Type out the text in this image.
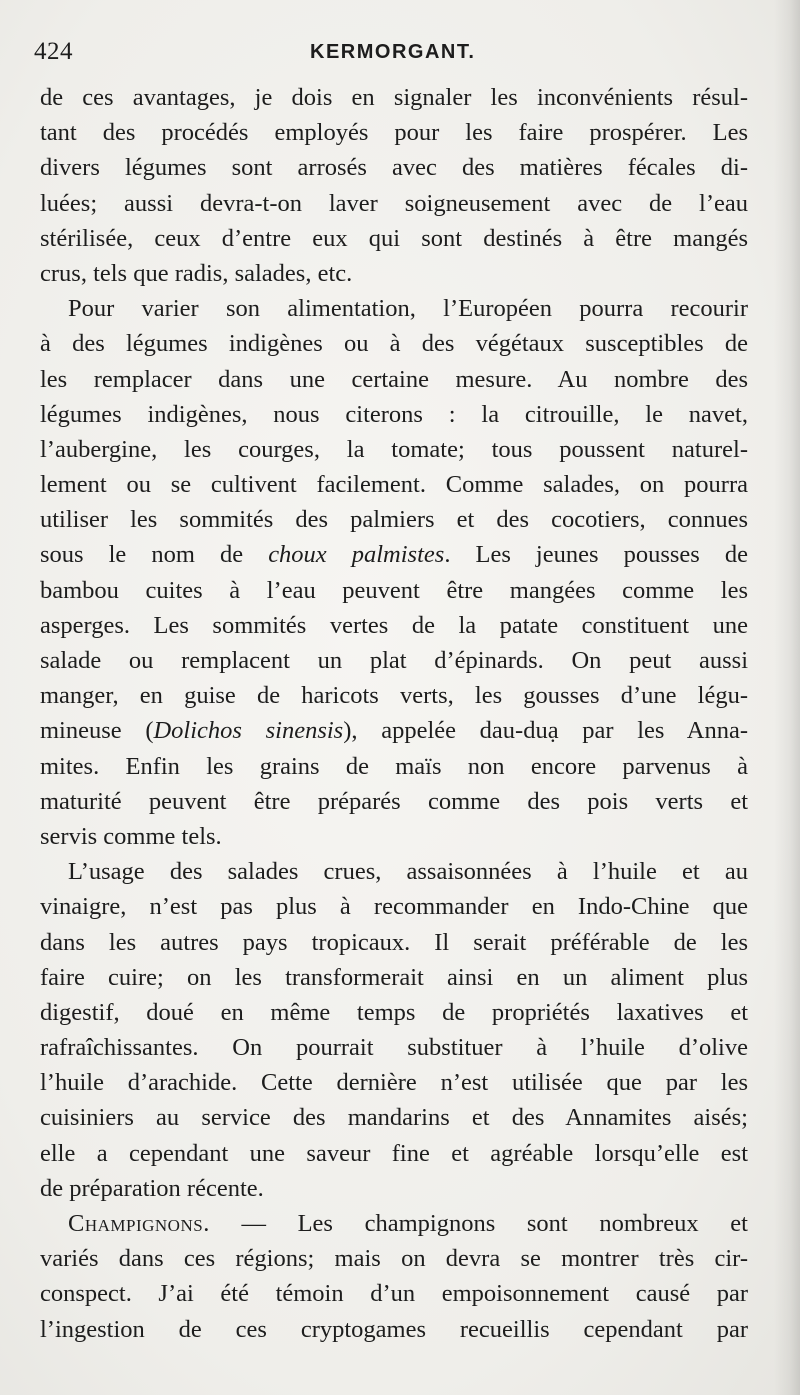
424	KERMORGANT.
de ces avantages, je dois en signaler les inconvénients résul-
tant des procédés employés pour les faire prospérer. Les
divers légumes sont arrosés avec des matières fécales di-
luées; aussi devra-t-on laver soigneusement avec de l’eau
stérilisée, ceux d’entre eux qui sont destinés à être mangés
crus, tels que radis, salades, etc.
Pour varier son alimentation, l’Européen pourra recourir
à des légumes indigènes ou à des végétaux susceptibles de
les remplacer dans une certaine mesure. Au nombre des
légumes indigènes, nous citerons : la citrouille, le navet,
l’aubergine, les courges, la tomate; tous poussent naturel-
lement ou se cultivent facilement. Comme salades, on pourra
utiliser les sommités des palmiers et des cocotiers, connues
sous le nom de choux palmistes. Les jeunes pousses de
bambou cuites à l’eau peuvent être mangées comme les
asperges. Les sommités vertes de la patate constituent une
salade ou remplacent un plat d’épinards. On peut aussi
manger, en guise de haricots verts, les gousses d’une légu-
mineuse (Dolichos sinensis), appelée dau-duạ par les Anna-
mites. Enfin les grains de maïs non encore parvenus à
maturité peuvent être préparés comme des pois verts et
servis comme tels.
L’usage des salades crues, assaisonnées à l’huile et au
vinaigre, n’est pas plus à recommander en Indo-Chine que
dans les autres pays tropicaux. Il serait préférable de les
faire cuire; on les transformerait ainsi en un aliment plus
digestif, doué en même temps de propriétés laxatives et
rafraîchissantes. On pourrait substituer à l’huile d’olive
l’huile d’arachide. Cette dernière n’est utilisée que par les
cuisiniers au service des mandarins et des Annamites aisés;
elle a cependant une saveur fine et agréable lorsqu’elle est
de préparation récente.
Champignons. — Les champignons sont nombreux et
variés dans ces régions; mais on devra se montrer très cir-
conspect. J’ai été témoin d’un empoisonnement causé par
l’ingestion de ces cryptogames recueillis cependant par
